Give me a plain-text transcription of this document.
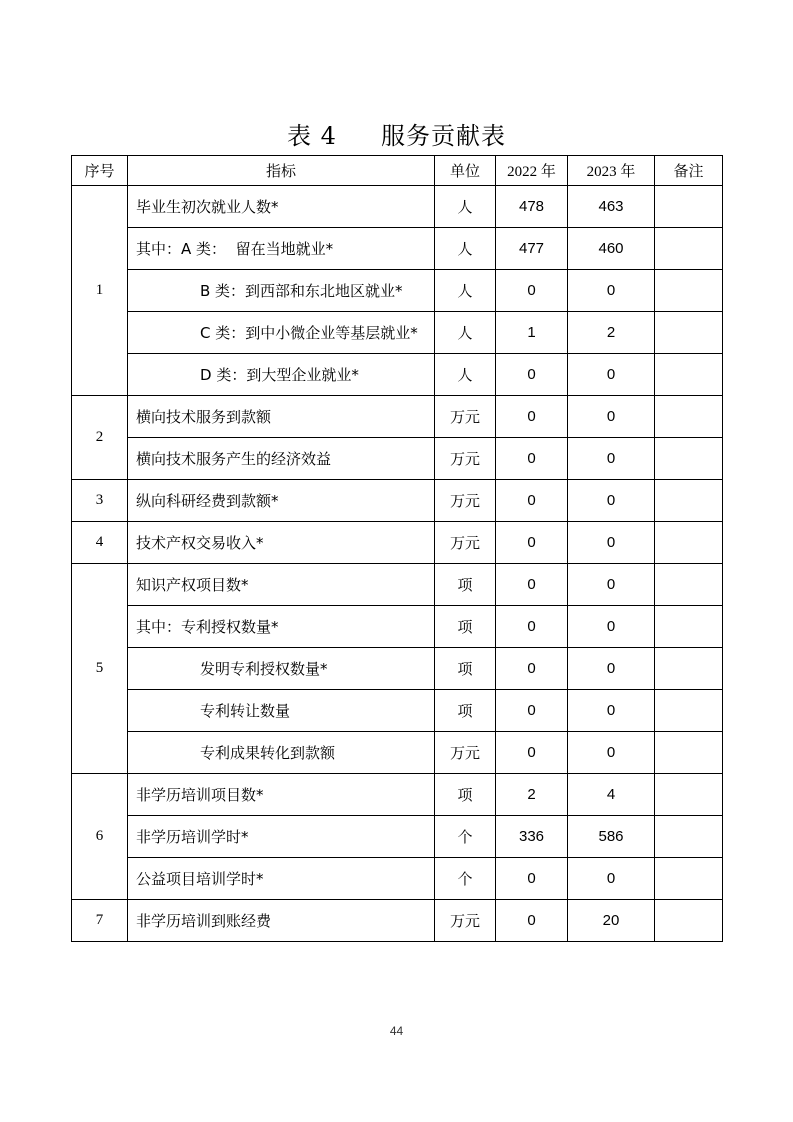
表 4 服务贡献表
序号	指标	单位	2022 年	2023 年	备注
1	毕业生初次就业人数*	人	478	463	
	其中：A 类：  留在当地就业*	人	477	460	
	B 类：到西部和东北地区就业*	人	0	0	
	C 类：到中小微企业等基层就业*	人	1	2	
	D 类：到大型企业就业*	人	0	0	
2	横向技术服务到款额	万元	0	0	
	横向技术服务产生的经济效益	万元	0	0	
3	纵向科研经费到款额*	万元	0	0	
4	技术产权交易收入*	万元	0	0	
5	知识产权项目数*	项	0	0	
	其中：专利授权数量*	项	0	0	
	发明专利授权数量*	项	0	0	
	专利转让数量	项	0	0	
	专利成果转化到款额	万元	0	0	
6	非学历培训项目数*	项	2	4	
	非学历培训学时*	个	336	586	
	公益项目培训学时*	个	0	0	
7	非学历培训到账经费	万元	0	20	
44
